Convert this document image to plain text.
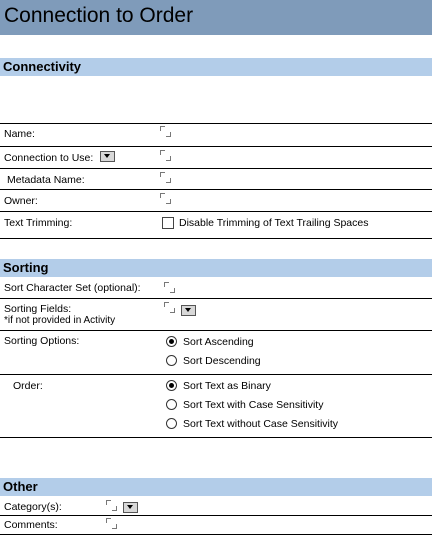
Connection to Order
Connectivity
Name:
Connection to Use:
Metadata Name:
Owner:
Text Trimming:	Disable Trimming of Text Trailing Spaces
Sorting
Sort Character Set (optional):
Sorting Fields:
*if not provided in Activity
Sorting Options:	Sort Ascending
Sort Descending
Order:	Sort Text as Binary
Sort Text with Case Sensitivity
Sort Text without Case Sensitivity
Other
Category(s):
Comments:
